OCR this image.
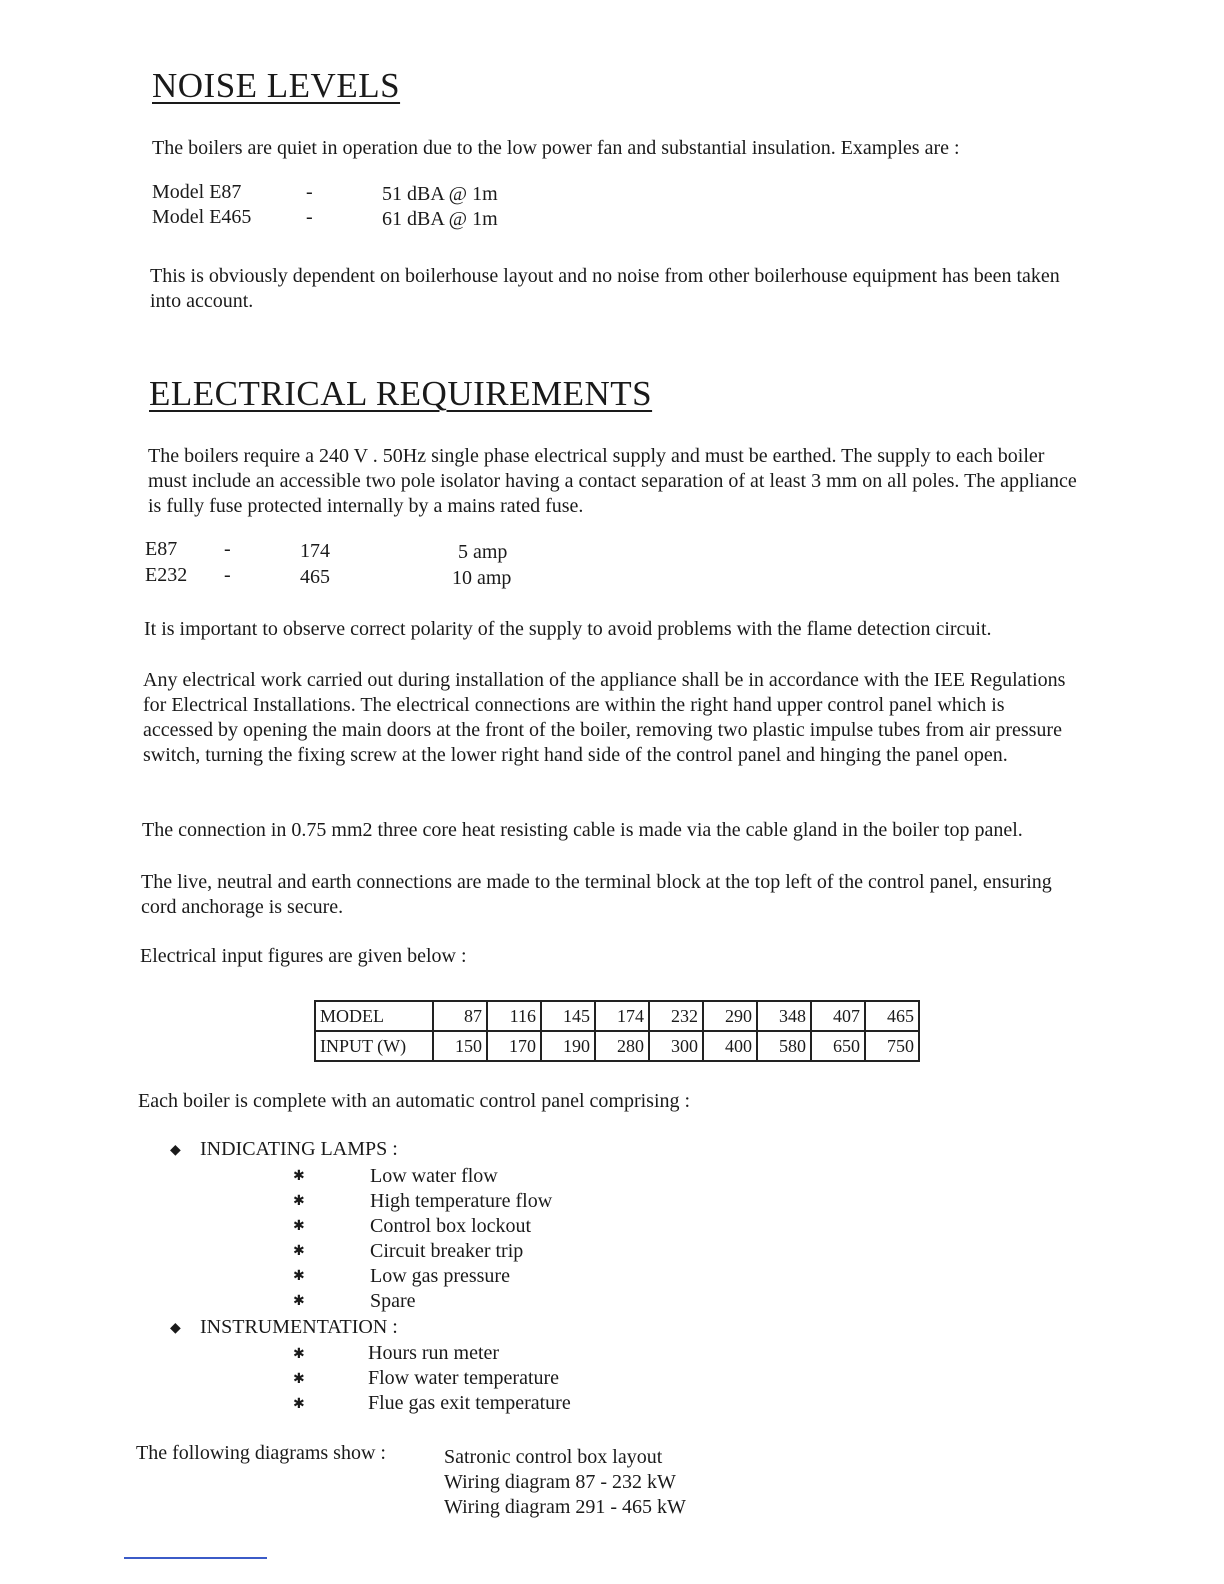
NOISE LEVELS
The boilers are quiet in operation due to the low power fan and substantial insulation. Examples are :
Model E87	-	51 dBA @ 1m
Model E465	-	61 dBA @ 1m
This is obviously dependent on boilerhouse layout and no noise from other boilerhouse equipment has been taken into account.
ELECTRICAL REQUIREMENTS
The boilers require a 240 V . 50Hz single phase electrical supply and must be earthed. The supply to each boiler must include an accessible two pole isolator having a contact separation of at least 3 mm on all poles. The appliance is fully fuse protected internally by a mains rated fuse.
E87 -	174	5 amp
E232 -	465	10 amp
It is important to observe correct polarity of the supply to avoid problems with the flame detection circuit.
Any electrical work carried out during installation of the appliance shall be in accordance with the IEE Regulations for Electrical Installations. The electrical connections are within the right hand upper control panel which is accessed by opening the main doors at the front of the boiler, removing two plastic impulse tubes from air pressure switch, turning the fixing screw at the lower right hand side of the control panel and hinging the panel open.
The connection in 0.75 mm2 three core heat resisting cable is made via the cable gland in the boiler top panel.
The live, neutral and earth connections are made to the terminal block at the top left of the control panel, ensuring cord anchorage is secure.
Electrical input figures are given below :
MODEL	87	116	145	174	232	290	348	407	465
INPUT (W)	150	170	190	280	300	400	580	650	750
Each boiler is complete with an automatic control panel comprising :
◆ INDICATING LAMPS :
✱	Low water flow
✱	High temperature flow
✱	Control box lockout
✱	Circuit breaker trip
✱	Low gas pressure
✱	Spare
◆ INSTRUMENTATION :
✱	Hours run meter
✱	Flow water temperature
✱	Flue gas exit temperature
The following diagrams show :	Satronic control box layout
Wiring diagram 87 - 232 kW
Wiring diagram 291 - 465 kW
